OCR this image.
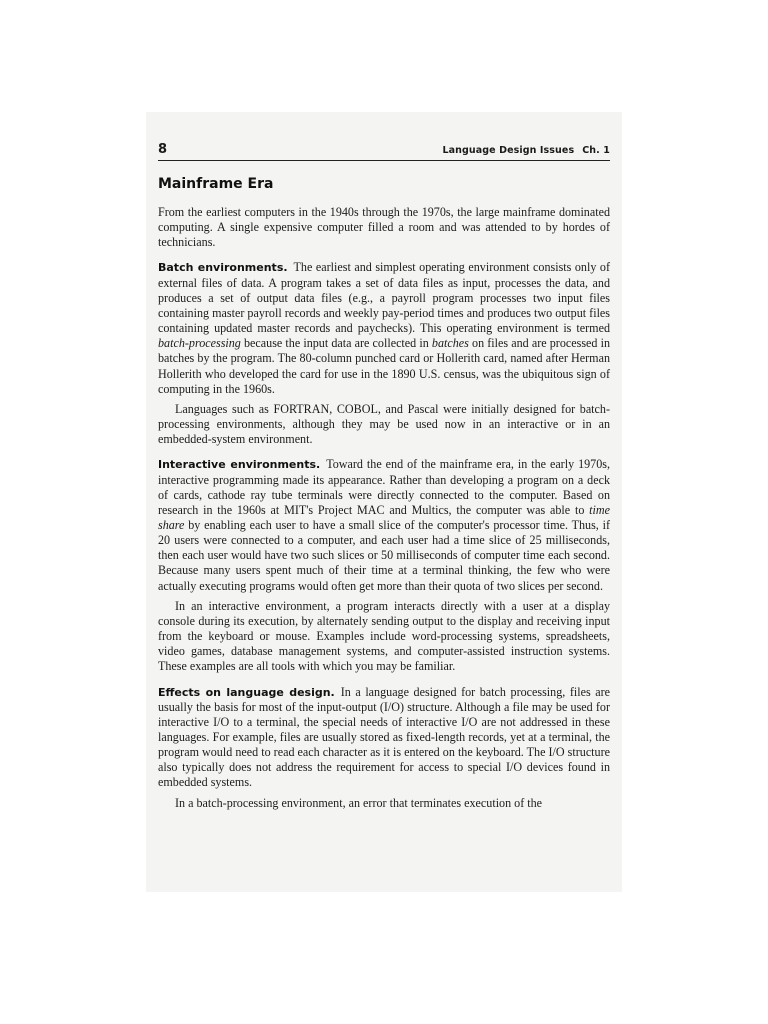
8	Language Design Issues Ch. 1
Mainframe Era

From the earliest computers in the 1940s through the 1970s, the large mainframe dominated computing. A single expensive computer filled a room and was attended to by hordes of technicians.

Batch environments. The earliest and simplest operating environment consists only of external files of data. A program takes a set of data files as input, processes the data, and produces a set of output data files (e.g., a payroll program processes two input files containing master payroll records and weekly pay-period times and produces two output files containing updated master records and paychecks). This operating environment is termed batch-processing because the input data are collected in batches on files and are processed in batches by the program. The 80-column punched card or Hollerith card, named after Herman Hollerith who developed the card for use in the 1890 U.S. census, was the ubiquitous sign of computing in the 1960s.

Languages such as FORTRAN, COBOL, and Pascal were initially designed for batch-processing environments, although they may be used now in an interactive or in an embedded-system environment.

Interactive environments. Toward the end of the mainframe era, in the early 1970s, interactive programming made its appearance. Rather than developing a program on a deck of cards, cathode ray tube terminals were directly connected to the computer. Based on research in the 1960s at MIT's Project MAC and Multics, the computer was able to time share by enabling each user to have a small slice of the computer's processor time. Thus, if 20 users were connected to a computer, and each user had a time slice of 25 milliseconds, then each user would have two such slices or 50 milliseconds of computer time each second. Because many users spent much of their time at a terminal thinking, the few who were actually executing programs would often get more than their quota of two slices per second.

In an interactive environment, a program interacts directly with a user at a display console during its execution, by alternately sending output to the display and receiving input from the keyboard or mouse. Examples include word-processing systems, spreadsheets, video games, database management systems, and computer-assisted instruction systems. These examples are all tools with which you may be familiar.

Effects on language design. In a language designed for batch processing, files are usually the basis for most of the input-output (I/O) structure. Although a file may be used for interactive I/O to a terminal, the special needs of interactive I/O are not addressed in these languages. For example, files are usually stored as fixed-length records, yet at a terminal, the program would need to read each character as it is entered on the keyboard. The I/O structure also typically does not address the requirement for access to special I/O devices found in embedded systems.

In a batch-processing environment, an error that terminates execution of the
